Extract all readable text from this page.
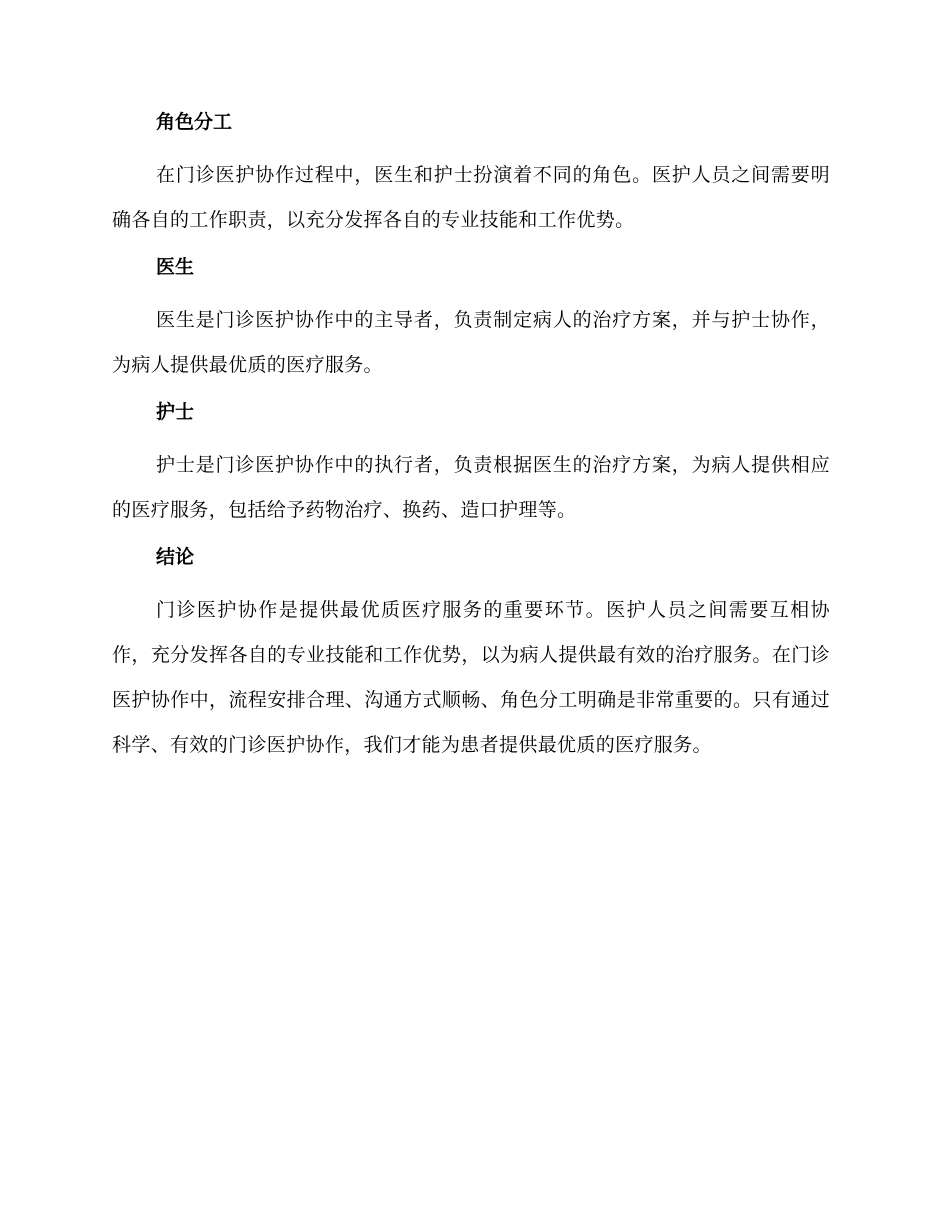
角色分工

在门诊医护协作过程中，医生和护士扮演着不同的角色。医护人员之间需要明确各自的工作职责，以充分发挥各自的专业技能和工作优势。

医生

医生是门诊医护协作中的主导者，负责制定病人的治疗方案，并与护士协作，为病人提供最优质的医疗服务。

护士

护士是门诊医护协作中的执行者，负责根据医生的治疗方案，为病人提供相应的医疗服务，包括给予药物治疗、换药、造口护理等。

结论

门诊医护协作是提供最优质医疗服务的重要环节。医护人员之间需要互相协作，充分发挥各自的专业技能和工作优势，以为病人提供最有效的治疗服务。在门诊医护协作中，流程安排合理、沟通方式顺畅、角色分工明确是非常重要的。只有通过科学、有效的门诊医护协作，我们才能为患者提供最优质的医疗服务。
